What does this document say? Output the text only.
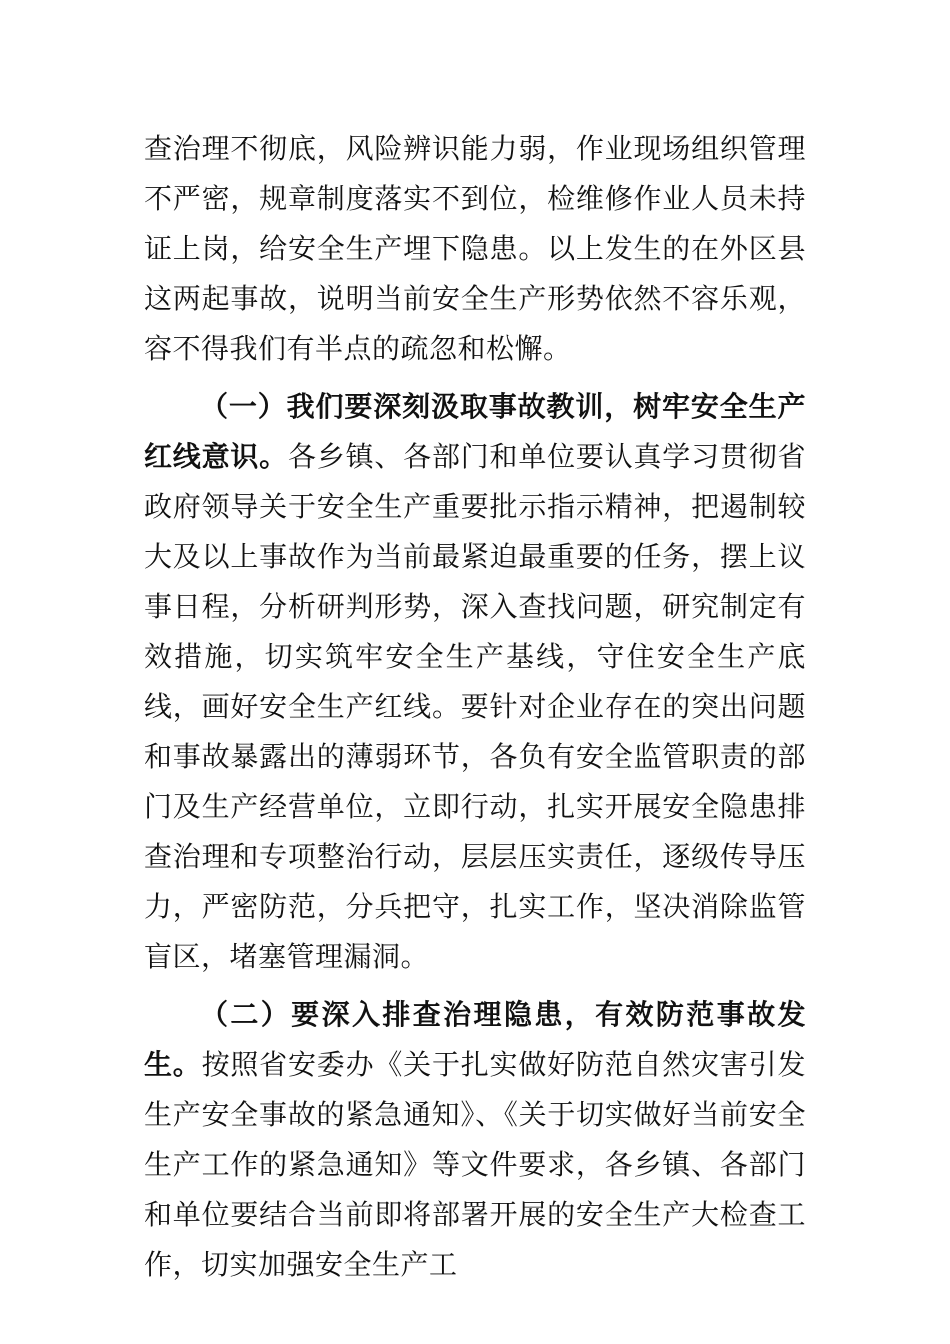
查治理不彻底，风险辨识能力弱，作业现场组织管理不严密，规章制度落实不到位，检维修作业人员未持证上岗，给安全生产埋下隐患。以上发生的在外区县这两起事故，说明当前安全生产形势依然不容乐观，容不得我们有半点的疏忽和松懈。

（一）我们要深刻汲取事故教训，树牢安全生产红线意识。各乡镇、各部门和单位要认真学习贯彻省政府领导关于安全生产重要批示指示精神，把遏制较大及以上事故作为当前最紧迫最重要的任务，摆上议事日程，分析研判形势，深入查找问题，研究制定有效措施，切实筑牢安全生产基线，守住安全生产底线，画好安全生产红线。要针对企业存在的突出问题和事故暴露出的薄弱环节，各负有安全监管职责的部门及生产经营单位，立即行动，扎实开展安全隐患排查治理和专项整治行动，层层压实责任，逐级传导压力，严密防范，分兵把守，扎实工作，坚决消除监管盲区，堵塞管理漏洞。

（二）要深入排查治理隐患，有效防范事故发生。按照省安委办《关于扎实做好防范自然灾害引发生产安全事故的紧急通知》、《关于切实做好当前安全生产工作的紧急通知》等文件要求，各乡镇、各部门和单位要结合当前即将部署开展的安全生产大检查工作，切实加强安全生产工
